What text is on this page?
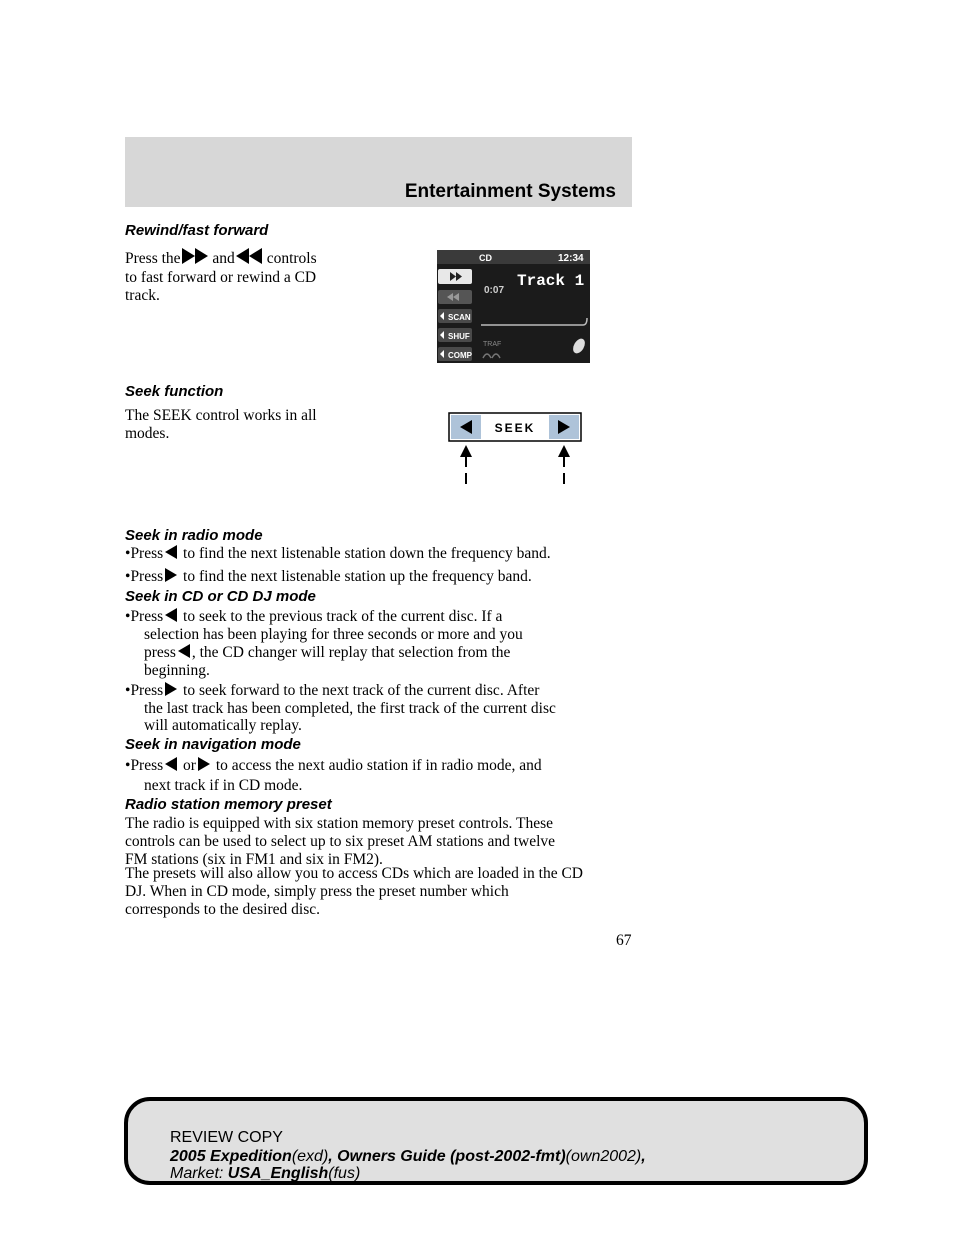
Entertainment Systems
Rewind/fast forward
Press the and controls
to fast forward or rewind a CD
track.
CD	12:34
SCAN
SHUF
COMP
0:07
Track 1
TRAF
Seek function
The SEEK control works in all
modes.	SEEK
Seek in radio mode
•Press to find the next listenable station down the frequency band.
•Press to find the next listenable station up the frequency band.
Seek in CD or CD DJ mode
•Press to seek to the previous track of the current disc. If a
selection has been playing for three seconds or more and you
press , the CD changer will replay that selection from the
beginning.
•Press to seek forward to the next track of the current disc. After
the last track has been completed, the first track of the current disc
will automatically replay.
Seek in navigation mode
•Press or to access the next audio station if in radio mode, and
next track if in CD mode.
Radio station memory preset
The radio is equipped with six station memory preset controls. These
controls can be used to select up to six preset AM stations and twelve
FM stations (six in FM1 and six in FM2).
The presets will also allow you to access CDs which are loaded in the CD
DJ. When in CD mode, simply press the preset number which
corresponds to the desired disc.
67
REVIEW COPY
2005 Expedition(exd), Owners Guide (post-2002-fmt)(own2002),
Market: USA_English(fus)
